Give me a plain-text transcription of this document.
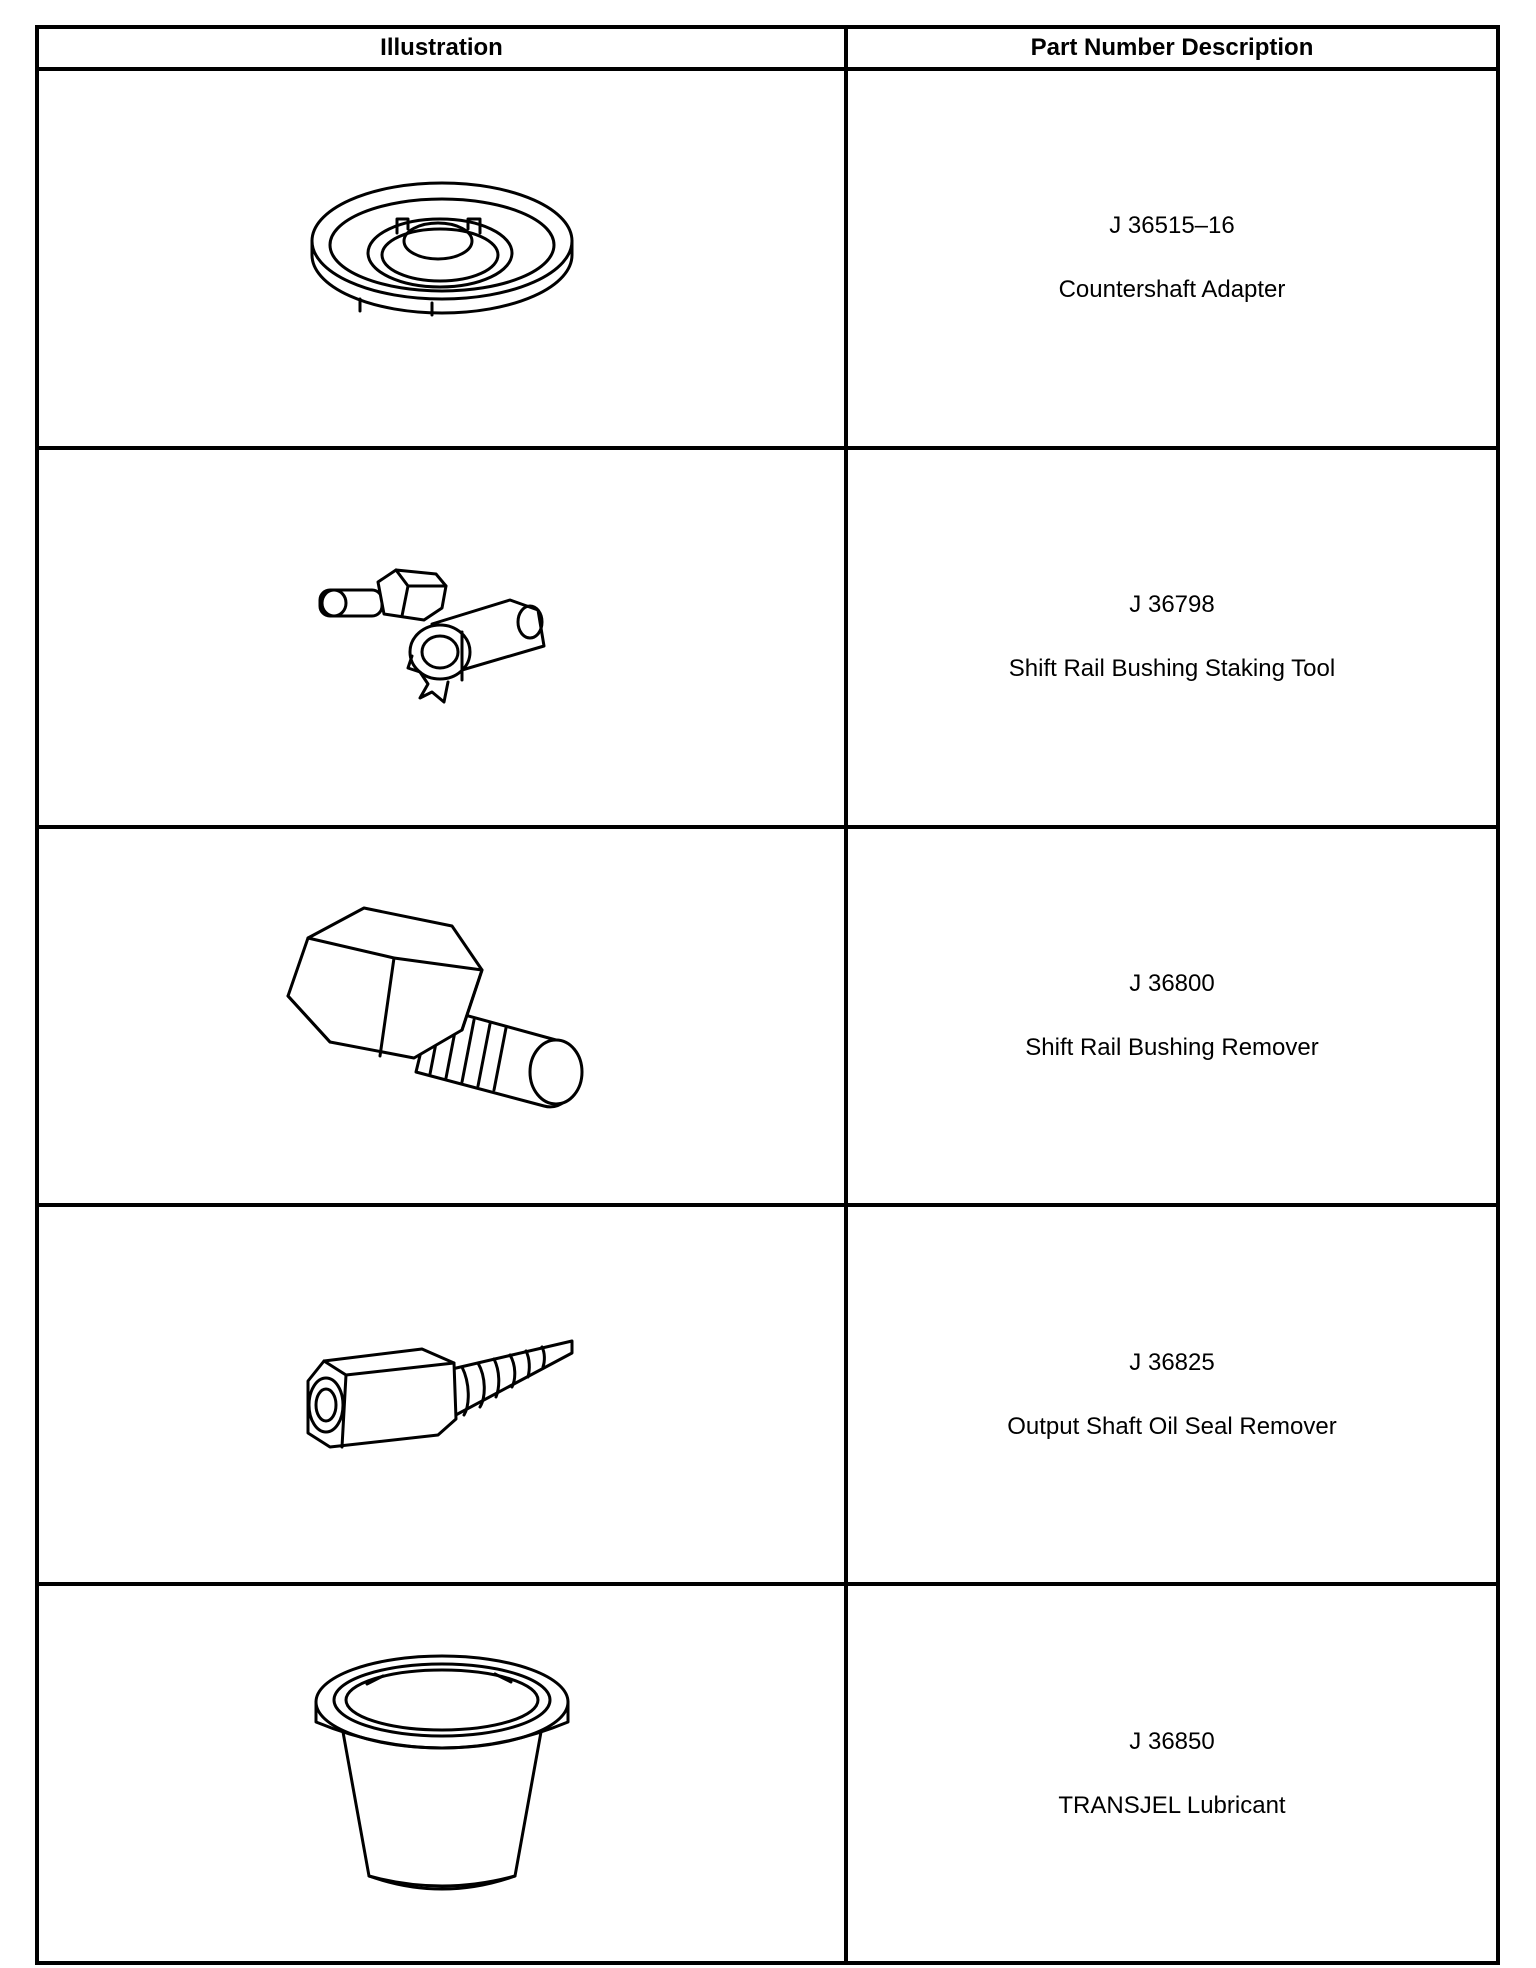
Illustration	Part Number Description

J 36515–16
Countershaft Adapter

J 36798
Shift Rail Bushing Staking Tool

J 36800
Shift Rail Bushing Remover

J 36825
Output Shaft Oil Seal Remover

J 36850
TRANSJEL Lubricant
